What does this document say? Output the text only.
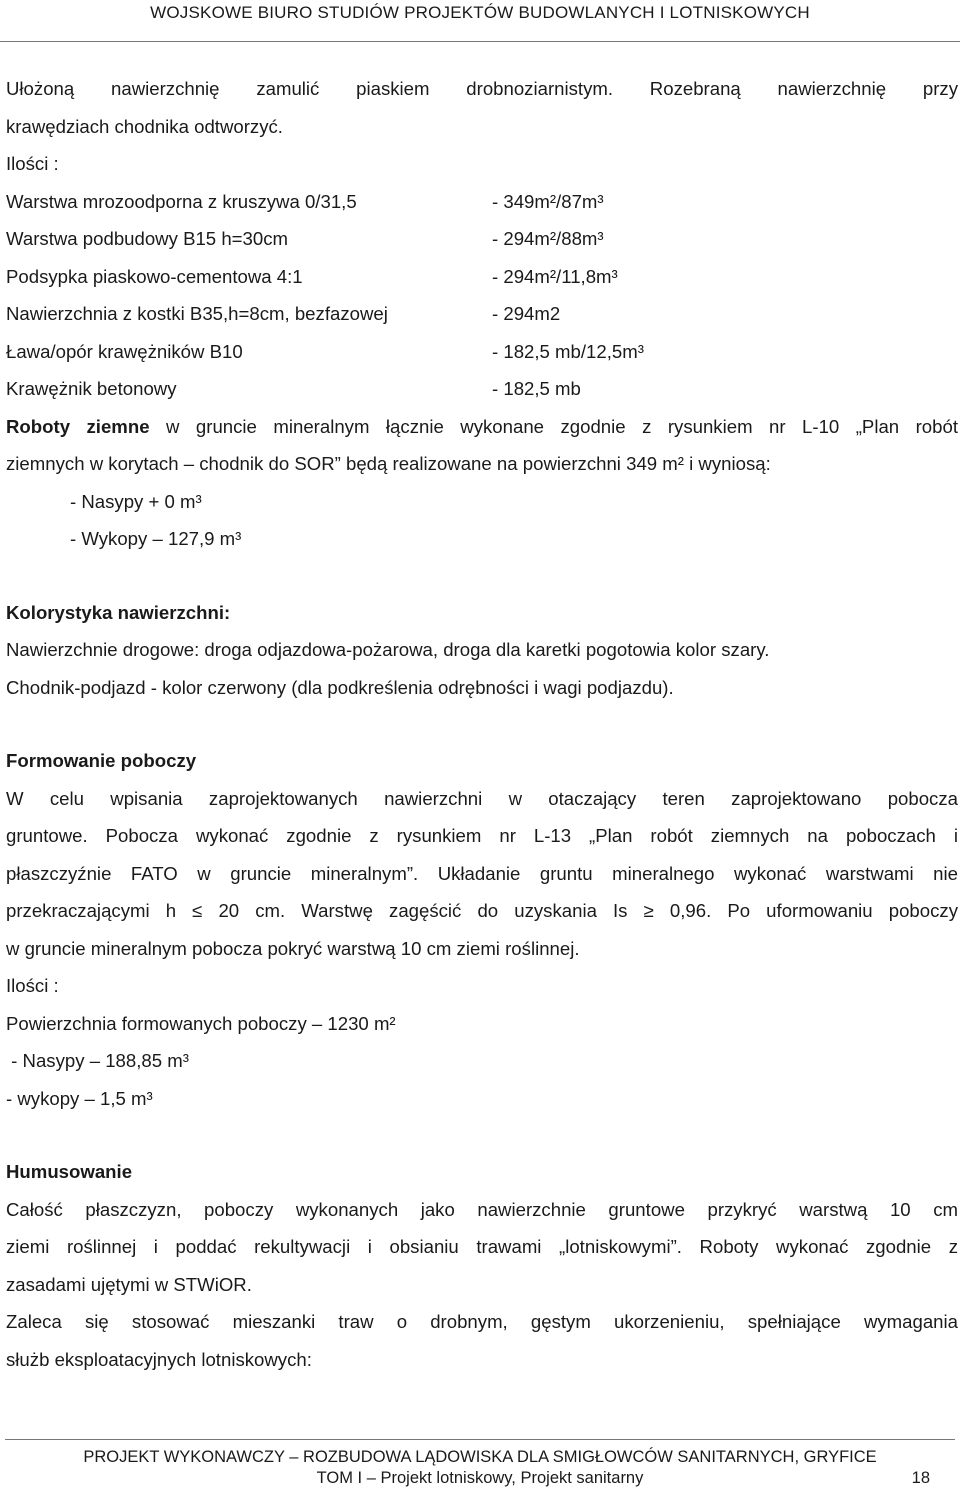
WOJSKOWE BIURO STUDIÓW PROJEKTÓW BUDOWLANYCH I LOTNISKOWYCH
Ułożoną nawierzchnię zamulić piaskiem drobnoziarnistym. Rozebraną nawierzchnię przy
krawędziach chodnika odtworzyć.
Ilości :
Warstwa mrozoodporna z kruszywa 0/31,5	- 349m²/87m³
Warstwa podbudowy B15 h=30cm	- 294m²/88m³
Podsypka piaskowo-cementowa 4:1	- 294m²/11,8m³
Nawierzchnia z kostki B35,h=8cm, bezfazowej	- 294m2
Ława/opór krawężników B10	- 182,5 mb/12,5m³
Krawężnik betonowy	- 182,5 mb
Roboty ziemne w gruncie mineralnym łącznie wykonane zgodnie z rysunkiem nr L-10 „Plan robót
ziemnych w korytach – chodnik do SOR” będą realizowane na powierzchni 349 m² i wyniosą:
- Nasypy + 0 m³
- Wykopy – 127,9 m³
Kolorystyka nawierzchni:
Nawierzchnie drogowe: droga odjazdowa-pożarowa, droga dla karetki pogotowia kolor szary.
Chodnik-podjazd - kolor czerwony (dla podkreślenia odrębności i wagi podjazdu).
Formowanie poboczy
W celu wpisania zaprojektowanych nawierzchni w otaczający teren zaprojektowano pobocza
gruntowe. Pobocza wykonać zgodnie z rysunkiem nr L-13 „Plan robót ziemnych na poboczach i
płaszczyźnie FATO w gruncie mineralnym”. Układanie gruntu mineralnego wykonać warstwami nie
przekraczającymi h ≤ 20 cm. Warstwę zagęścić do uzyskania Is ≥ 0,96. Po uformowaniu poboczy
w gruncie mineralnym pobocza pokryć warstwą 10 cm ziemi roślinnej.
Ilości :
Powierzchnia formowanych poboczy – 1230 m²
- Nasypy – 188,85 m³
- wykopy – 1,5 m³
Humusowanie
Całość płaszczyzn, poboczy wykonanych jako nawierzchnie gruntowe przykryć warstwą 10 cm
ziemi roślinnej i poddać rekultywacji i obsianiu trawami „lotniskowymi”. Roboty wykonać zgodnie z
zasadami ujętymi w STWiOR.
Zaleca się stosować mieszanki traw o drobnym, gęstym ukorzenieniu, spełniające wymagania
służb eksploatacyjnych lotniskowych:
PROJEKT WYKONAWCZY – ROZBUDOWA LĄDOWISKA DLA SMIGŁOWCÓW SANITARNYCH, GRYFICE
TOM I – Projekt lotniskowy, Projekt sanitarny	18
